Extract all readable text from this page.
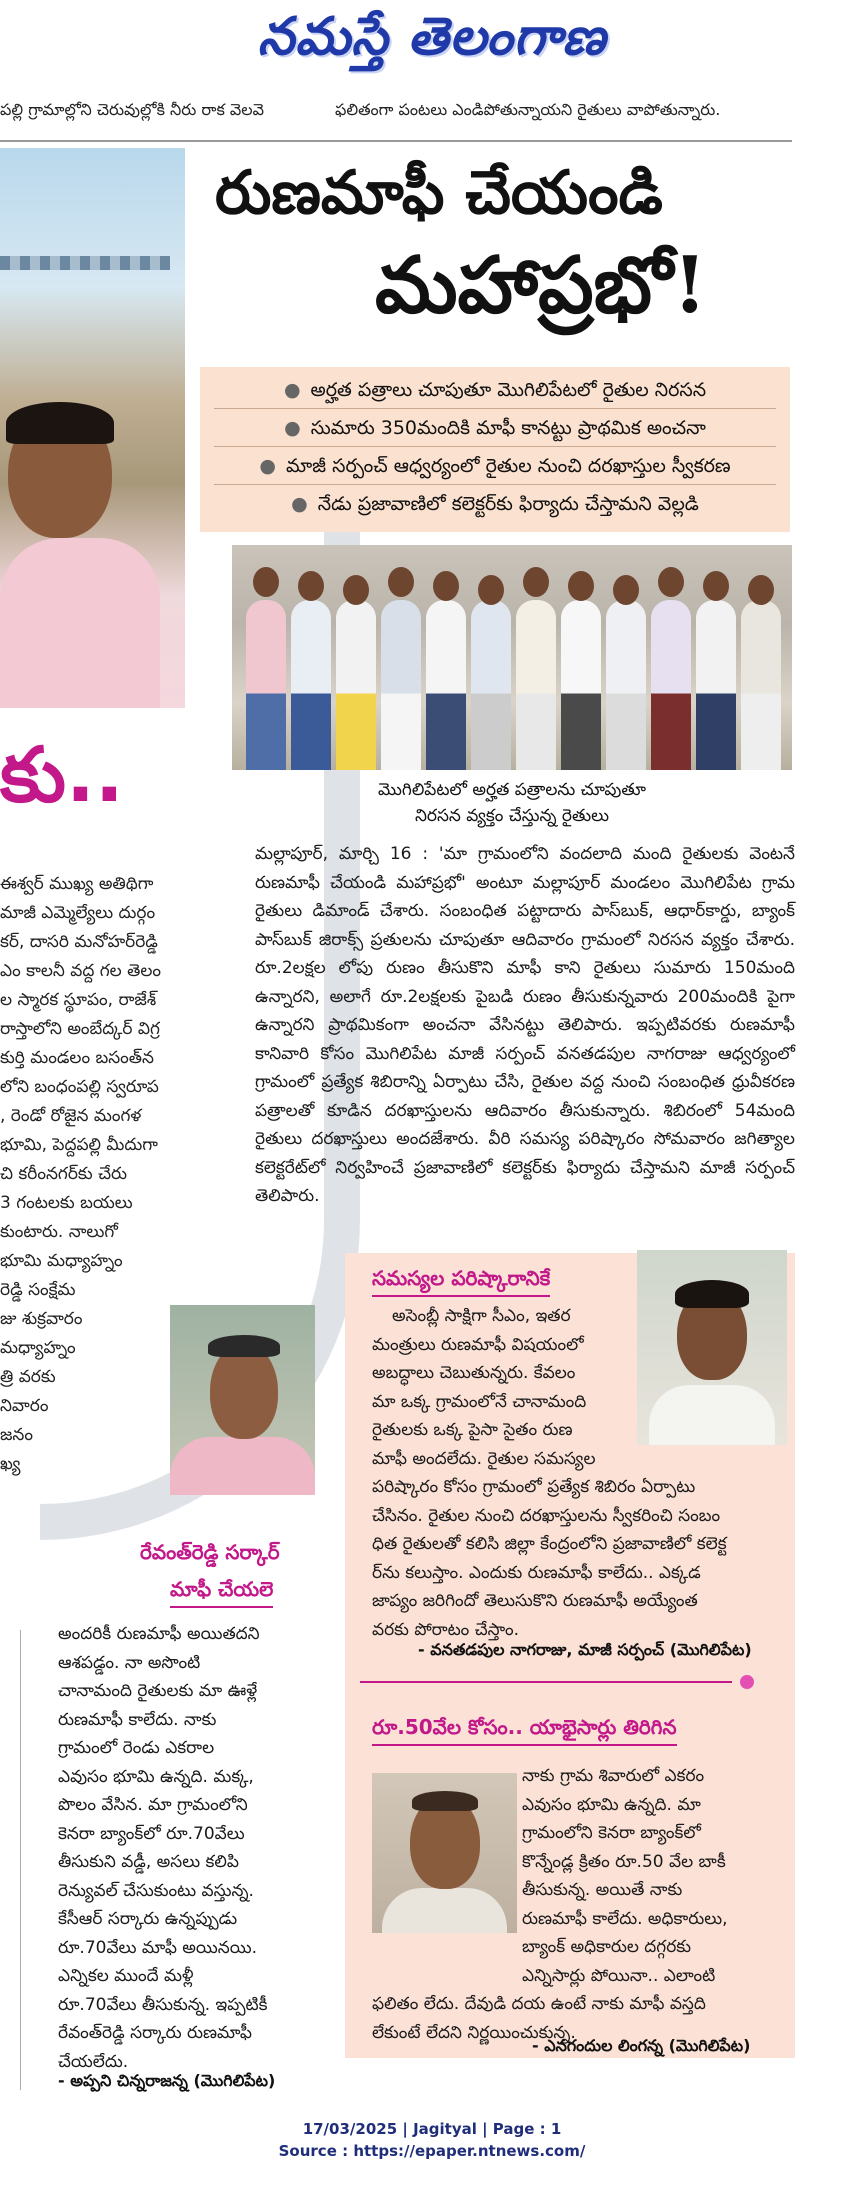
నమస్తే తెలంగాణ
పల్లి గ్రామాల్లోని చెరువుల్లోకి నీరు రాక వెలవె	ఫలితంగా పంటలు ఎండిపోతున్నాయని రైతులు వాపోతున్నారు.
కు..
ఈశ్వర్ ముఖ్య అతిథిగా
మాజీ ఎమ్మెల్యేలు దుర్గం
కర్, దాసరి మనోహర్‌రెడ్డి
ఎం కాలనీ వద్ద గల తెలం
ల స్మారక స్థూపం, రాజేశ్
రాస్తాలోని అంబేద్కర్ విగ్ర
కుర్తి మండలం బసంత్‌న
లోని బంధంపల్లి స్వరూప
, రెండో రోజైన మంగళ
భూమి, పెద్దపల్లి మీదుగా
చి కరీంనగర్‌కు చేరు
3 గంటలకు బయలు
కుంటారు. నాలుగో
భూమి మధ్యాహ్నం
రెడ్డి సంక్షేమ
జు శుక్రవారం
మధ్యాహ్నం
త్రి వరకు
నివారం
జనం
ఖ్య
రుణమాఫీ చేయండి
మహాప్రభో!
● అర్హత పత్రాలు చూపుతూ మొగిలిపేటలో రైతుల నిరసన
● సుమారు 350మందికి మాఫీ కానట్టు ప్రాథమిక అంచనా
● మాజీ సర్పంచ్ ఆధ్వర్యంలో రైతుల నుంచి దరఖాస్తుల స్వీకరణ
● నేడు ప్రజావాణిలో కలెక్టర్‌కు ఫిర్యాదు చేస్తామని వెల్లడి
మొగిలిపేటలో అర్హత పత్రాలను చూపుతూ
నిరసన వ్యక్తం చేస్తున్న రైతులు
మల్లాపూర్, మార్చి 16 : 'మా గ్రామంలోని వందలాది మంది రైతులకు వెంటనే రుణమాఫీ చేయండి మహాప్రభో' అంటూ మల్లాపూర్ మండలం మొగిలిపేట గ్రామ రైతులు డిమాండ్ చేశారు. సంబంధిత పట్టాదారు పాస్‌బుక్, ఆధార్‌కార్డు, బ్యాంక్ పాస్‌బుక్ జిరాక్స్ ప్రతులను చూపుతూ ఆదివారం గ్రామంలో నిరసన వ్యక్తం చేశారు. రూ.2లక్షల లోపు రుణం తీసుకొని మాఫీ కాని రైతులు సుమారు 150మంది ఉన్నారని, అలాగే రూ.2లక్షలకు పైబడి రుణం తీసుకున్నవారు 200మందికి పైగా ఉన్నారని ప్రాథమికంగా అంచనా వేసినట్టు తెలిపారు. ఇప్పటివరకు రుణమాఫీ కానివారి కోసం మొగిలిపేట మాజీ సర్పంచ్ వనతడపుల నాగరాజు ఆధ్వర్యంలో గ్రామంలో ప్రత్యేక శిబిరాన్ని ఏర్పాటు చేసి, రైతుల వద్ద నుంచి సంబంధిత ధ్రువీకరణ పత్రాలతో కూడిన దరఖాస్తులను ఆదివారం తీసుకున్నారు. శిబిరంలో 54మంది రైతులు దరఖాస్తులు అందజేశారు. వీరి సమస్య పరిష్కారం సోమవారం జగిత్యాల కలెక్టరేట్‌లో నిర్వహించే ప్రజావాణిలో కలెక్టర్‌కు ఫిర్యాదు చేస్తామని మాజీ సర్పంచ్ తెలిపారు.
సమస్యల పరిష్కారానికే
అసెంబ్లీ సాక్షిగా సీఎం, ఇతర
మంత్రులు రుణమాఫీ విషయంలో
అబద్ధాలు చెబుతున్నరు. కేవలం
మా ఒక్క గ్రామంలోనే చానామంది
రైతులకు ఒక్క పైసా సైతం రుణ
మాఫీ అందలేదు. రైతుల సమస్యల
పరిష్కారం కోసం గ్రామంలో ప్రత్యేక శిబిరం ఏర్పాటు
చేసినం. రైతుల నుంచి దరఖాస్తులను స్వీకరించి సంబం
ధిత రైతులతో కలిసి జిల్లా కేంద్రంలోని ప్రజావాణిలో కలెక్ట
ర్‌ను కలుస్తాం. ఎందుకు రుణమాఫీ కాలేదు.. ఎక్కడ
జాప్యం జరిగిందో తెలుసుకొని రుణమాఫీ అయ్యేంత
వరకు పోరాటం చేస్తాం.
- వనతడపుల నాగరాజు, మాజీ సర్పంచ్ (మొగిలిపేట)
రూ.50వేల కోసం.. యాభైసార్లు తిరిగిన
నాకు గ్రామ శివారులో ఎకరం
ఎవుసం భూమి ఉన్నది. మా
గ్రామంలోని కెనరా బ్యాంక్‌లో
కొన్నేండ్ల క్రితం రూ.50 వేల బాకీ
తీసుకున్న. అయితే నాకు
రుణమాఫీ కాలేదు. అధికారులు,
బ్యాంక్ అధికారుల దగ్గరకు
ఎన్నిసార్లు పోయినా.. ఎలాంటి
ఫలితం లేదు. దేవుడి దయ ఉంటే నాకు మాఫీ వస్తది
లేకుంటే లేదని నిర్ణయించుకున్న.
- ఎనగందుల లింగన్న (మొగిలిపేట)
రేవంత్‌రెడ్డి సర్కార్
మాఫీ చేయలె
అందరికీ రుణమాఫీ అయితదని
ఆశపడ్డం. నా అసొంటి
చానామంది రైతులకు మా ఊళ్లే
రుణమాఫీ కాలేదు. నాకు
గ్రామంలో రెండు ఎకరాల
ఎవుసం భూమి ఉన్నది. మక్క,
పొలం వేసిన. మా గ్రామంలోని
కెనరా బ్యాంక్‌లో రూ.70వేలు
తీసుకుని వడ్డీ, అసలు కలిపి
రెన్యువల్ చేసుకుంటు వస్తున్న.
కేసీఆర్ సర్కారు ఉన్నప్పుడు
రూ.70వేలు మాఫీ అయినయి.
ఎన్నికల ముందే మళ్లీ
రూ.70వేలు తీసుకున్న. ఇప్పటికీ
రేవంత్‌రెడ్డి సర్కారు రుణమాఫీ
చేయలేదు.
- అప్పని చిన్నరాజన్న (మొగిలిపేట)
17/03/2025 | Jagityal | Page : 1
Source : https://epaper.ntnews.com/
